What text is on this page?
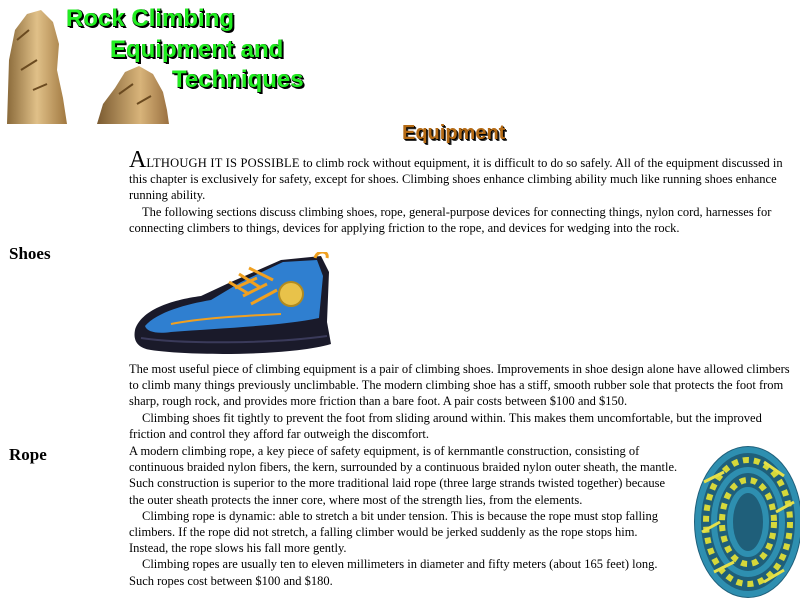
Rock Climbing
Equipment and
Techniques
Equipment
ALTHOUGH IT IS POSSIBLE to climb rock without equipment, it is difficult to do so safely. All of the equipment discussed in this chapter is exclusively for safety, except for shoes. Climbing shoes enhance climbing ability much like running shoes enhance running ability.
The following sections discuss climbing shoes, rope, general-purpose devices for connecting things, nylon cord, harnesses for connecting climbers to things, devices for applying friction to the rope, and devices for wedging into the rock.
Shoes
The most useful piece of climbing equipment is a pair of climbing shoes. Improvements in shoe design alone have allowed climbers to climb many things previously unclimbable. The modern climbing shoe has a stiff, smooth rubber sole that protects the foot from sharp, rough rock, and provides more friction than a bare foot. A pair costs between $100 and $150.
Climbing shoes fit tightly to prevent the foot from sliding around within. This makes them uncomfortable, but the improved friction and control they afford far outweigh the discomfort.
Rope	A modern climbing rope, a key piece of safety equipment, is of kernmantle construction, consisting of continuous braided nylon fibers, the kern, surrounded by a continuous braided nylon outer sheath, the mantle. Such construction is superior to the more traditional laid rope (three large strands twisted together) because the outer sheath protects the inner core, where most of the strength lies, from the elements.
Climbing rope is dynamic: able to stretch a bit under tension. This is because the rope must stop falling climbers. If the rope did not stretch, a falling climber would be jerked suddenly as the rope stops him. Instead, the rope slows his fall more gently.
Climbing ropes are usually ten to eleven millimeters in diameter and fifty meters (about 165 feet) long. Such ropes cost between $100 and $180.
